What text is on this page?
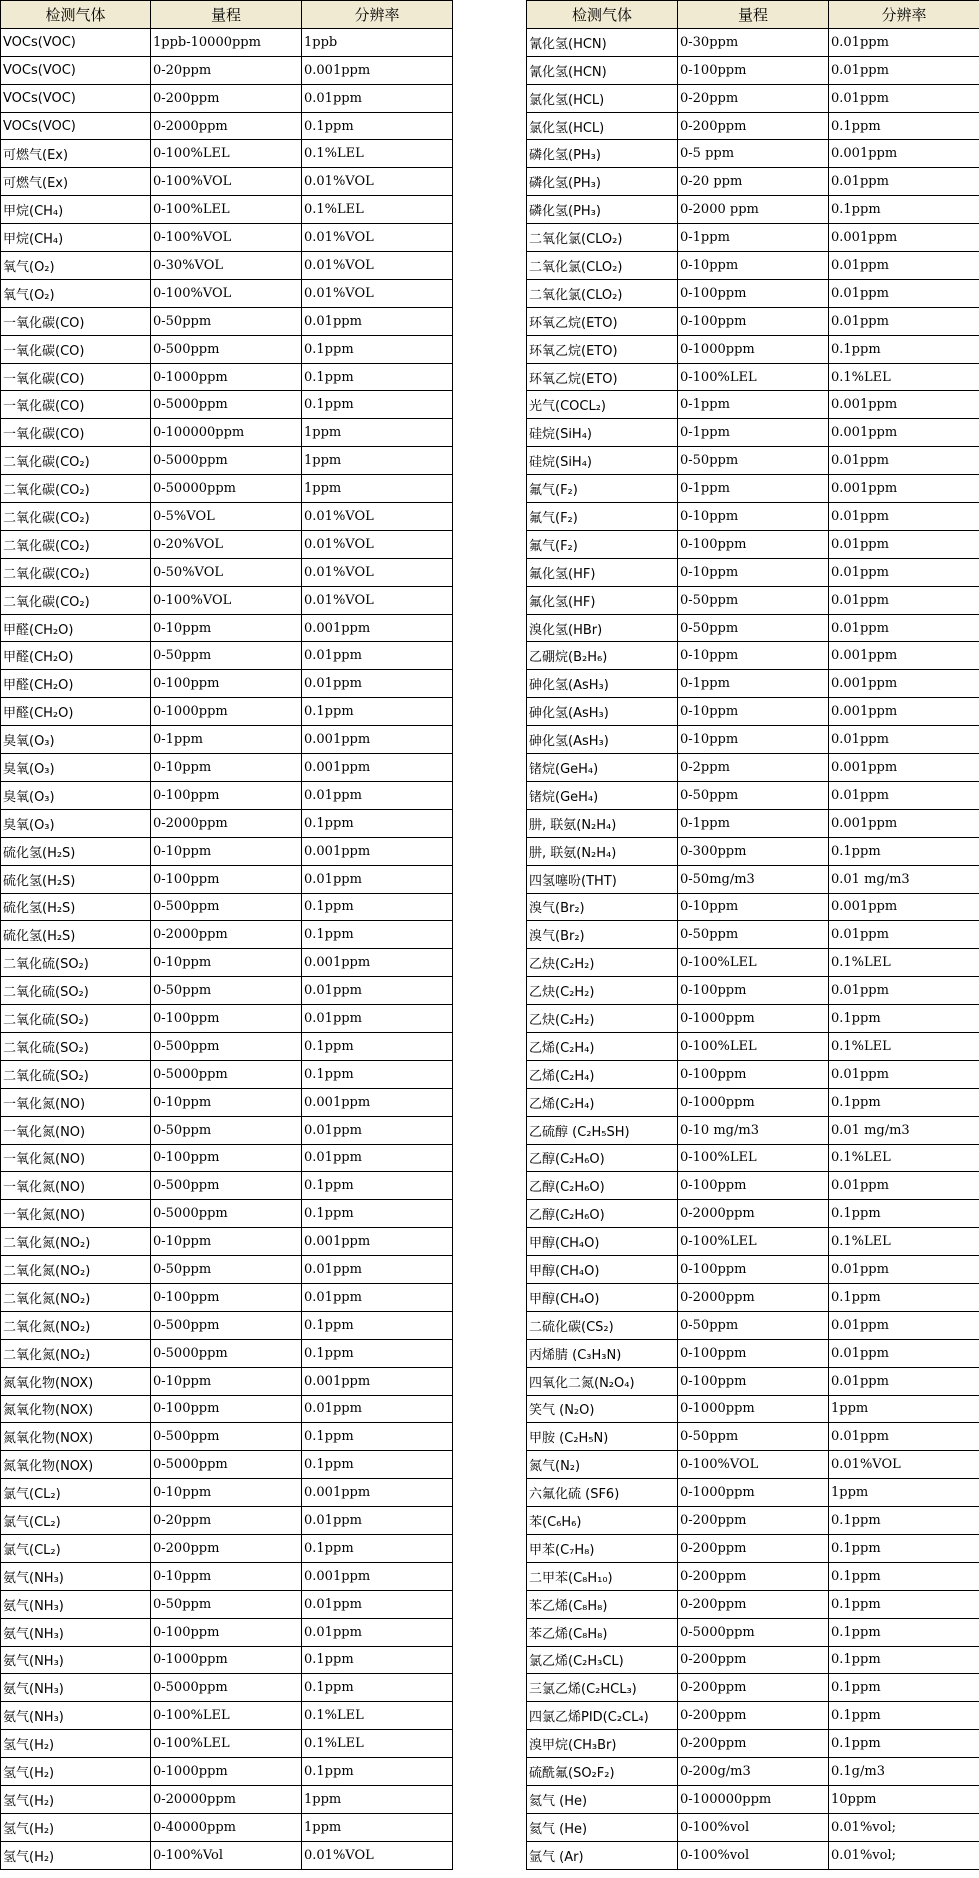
检测气体	量程	分辨率
VOCs(VOC)	1ppb-10000ppm	1ppb
VOCs(VOC)	0-20ppm	0.001ppm
VOCs(VOC)	0-200ppm	0.01ppm
VOCs(VOC)	0-2000ppm	0.1ppm
可燃气(Ex)	0-100%LEL	0.1%LEL
可燃气(Ex)	0-100%VOL	0.01%VOL
甲烷(CH₄)	0-100%LEL	0.1%LEL
甲烷(CH₄)	0-100%VOL	0.01%VOL
氧气(O₂)	0-30%VOL	0.01%VOL
氧气(O₂)	0-100%VOL	0.01%VOL
一氧化碳(CO)	0-50ppm	0.01ppm
一氧化碳(CO)	0-500ppm	0.1ppm
一氧化碳(CO)	0-1000ppm	0.1ppm
一氧化碳(CO)	0-5000ppm	0.1ppm
一氧化碳(CO)	0-100000ppm	1ppm
二氧化碳(CO₂)	0-5000ppm	1ppm
二氧化碳(CO₂)	0-50000ppm	1ppm
二氧化碳(CO₂)	0-5%VOL	0.01%VOL
二氧化碳(CO₂)	0-20%VOL	0.01%VOL
二氧化碳(CO₂)	0-50%VOL	0.01%VOL
二氧化碳(CO₂)	0-100%VOL	0.01%VOL
甲醛(CH₂O)	0-10ppm	0.001ppm
甲醛(CH₂O)	0-50ppm	0.01ppm
甲醛(CH₂O)	0-100ppm	0.01ppm
甲醛(CH₂O)	0-1000ppm	0.1ppm
臭氧(O₃)	0-1ppm	0.001ppm
臭氧(O₃)	0-10ppm	0.001ppm
臭氧(O₃)	0-100ppm	0.01ppm
臭氧(O₃)	0-2000ppm	0.1ppm
硫化氢(H₂S)	0-10ppm	0.001ppm
硫化氢(H₂S)	0-100ppm	0.01ppm
硫化氢(H₂S)	0-500ppm	0.1ppm
硫化氢(H₂S)	0-2000ppm	0.1ppm
二氧化硫(SO₂)	0-10ppm	0.001ppm
二氧化硫(SO₂)	0-50ppm	0.01ppm
二氧化硫(SO₂)	0-100ppm	0.01ppm
二氧化硫(SO₂)	0-500ppm	0.1ppm
二氧化硫(SO₂)	0-5000ppm	0.1ppm
一氧化氮(NO)	0-10ppm	0.001ppm
一氧化氮(NO)	0-50ppm	0.01ppm
一氧化氮(NO)	0-100ppm	0.01ppm
一氧化氮(NO)	0-500ppm	0.1ppm
一氧化氮(NO)	0-5000ppm	0.1ppm
二氧化氮(NO₂)	0-10ppm	0.001ppm
二氧化氮(NO₂)	0-50ppm	0.01ppm
二氧化氮(NO₂)	0-100ppm	0.01ppm
二氧化氮(NO₂)	0-500ppm	0.1ppm
二氧化氮(NO₂)	0-5000ppm	0.1ppm
氮氧化物(NOX)	0-10ppm	0.001ppm
氮氧化物(NOX)	0-100ppm	0.01ppm
氮氧化物(NOX)	0-500ppm	0.1ppm
氮氧化物(NOX)	0-5000ppm	0.1ppm
氯气(CL₂)	0-10ppm	0.001ppm
氯气(CL₂)	0-20ppm	0.01ppm
氯气(CL₂)	0-200ppm	0.1ppm
氨气(NH₃)	0-10ppm	0.001ppm
氨气(NH₃)	0-50ppm	0.01ppm
氨气(NH₃)	0-100ppm	0.01ppm
氨气(NH₃)	0-1000ppm	0.1ppm
氨气(NH₃)	0-5000ppm	0.1ppm
氨气(NH₃)	0-100%LEL	0.1%LEL
氢气(H₂)	0-100%LEL	0.1%LEL
氢气(H₂)	0-1000ppm	0.1ppm
氢气(H₂)	0-20000ppm	1ppm
氢气(H₂)	0-40000ppm	1ppm
氢气(H₂)	0-100%Vol	0.01%VOL
检测气体	量程	分辨率
氰化氢(HCN)	0-30ppm	0.01ppm
氰化氢(HCN)	0-100ppm	0.01ppm
氯化氢(HCL)	0-20ppm	0.01ppm
氯化氢(HCL)	0-200ppm	0.1ppm
磷化氢(PH₃)	0-5 ppm	0.001ppm
磷化氢(PH₃)	0-20 ppm	0.01ppm
磷化氢(PH₃)	0-2000 ppm	0.1ppm
二氧化氯(CLO₂)	0-1ppm	0.001ppm
二氧化氯(CLO₂)	0-10ppm	0.01ppm
二氧化氯(CLO₂)	0-100ppm	0.01ppm
环氧乙烷(ETO)	0-100ppm	0.01ppm
环氧乙烷(ETO)	0-1000ppm	0.1ppm
环氧乙烷(ETO)	0-100%LEL	0.1%LEL
光气(COCL₂)	0-1ppm	0.001ppm
硅烷(SiH₄)	0-1ppm	0.001ppm
硅烷(SiH₄)	0-50ppm	0.01ppm
氟气(F₂)	0-1ppm	0.001ppm
氟气(F₂)	0-10ppm	0.01ppm
氟气(F₂)	0-100ppm	0.01ppm
氟化氢(HF)	0-10ppm	0.01ppm
氟化氢(HF)	0-50ppm	0.01ppm
溴化氢(HBr)	0-50ppm	0.01ppm
乙硼烷(B₂H₆)	0-10ppm	0.001ppm
砷化氢(AsH₃)	0-1ppm	0.001ppm
砷化氢(AsH₃)	0-10ppm	0.001ppm
砷化氢(AsH₃)	0-10ppm	0.01ppm
锗烷(GeH₄)	0-2ppm	0.001ppm
锗烷(GeH₄)	0-50ppm	0.01ppm
肼, 联氨(N₂H₄)	0-1ppm	0.001ppm
肼, 联氨(N₂H₄)	0-300ppm	0.1ppm
四氢噻吩(THT)	0-50mg/m3	0.01 mg/m3
溴气(Br₂)	0-10ppm	0.001ppm
溴气(Br₂)	0-50ppm	0.01ppm
乙炔(C₂H₂)	0-100%LEL	0.1%LEL
乙炔(C₂H₂)	0-100ppm	0.01ppm
乙炔(C₂H₂)	0-1000ppm	0.1ppm
乙烯(C₂H₄)	0-100%LEL	0.1%LEL
乙烯(C₂H₄)	0-100ppm	0.01ppm
乙烯(C₂H₄)	0-1000ppm	0.1ppm
乙硫醇 (C₂H₅SH)	0-10 mg/m3	0.01 mg/m3
乙醇(C₂H₆O)	0-100%LEL	0.1%LEL
乙醇(C₂H₆O)	0-100ppm	0.01ppm
乙醇(C₂H₆O)	0-2000ppm	0.1ppm
甲醇(CH₄O)	0-100%LEL	0.1%LEL
甲醇(CH₄O)	0-100ppm	0.01ppm
甲醇(CH₄O)	0-2000ppm	0.1ppm
二硫化碳(CS₂)	0-50ppm	0.01ppm
丙烯腈 (C₃H₃N)	0-100ppm	0.01ppm
四氧化二氮(N₂O₄)	0-100ppm	0.01ppm
笑气 (N₂O)	0-1000ppm	1ppm
甲胺 (C₂H₅N)	0-50ppm	0.01ppm
氮气(N₂)	0-100%VOL	0.01%VOL
六氟化硫 (SF6)	0-1000ppm	1ppm
苯(C₆H₆)	0-200ppm	0.1ppm
甲苯(C₇H₈)	0-200ppm	0.1ppm
二甲苯(C₈H₁₀)	0-200ppm	0.1ppm
苯乙烯(C₈H₈)	0-200ppm	0.1ppm
苯乙烯(C₈H₈)	0-5000ppm	0.1ppm
氯乙烯(C₂H₃CL)	0-200ppm	0.1ppm
三氯乙烯(C₂HCL₃)	0-200ppm	0.1ppm
四氯乙烯PID(C₂CL₄)	0-200ppm	0.1ppm
溴甲烷(CH₃Br)	0-200ppm	0.1ppm
硫酰氟(SO₂F₂)	0-200g/m3	0.1g/m3
氦气 (He)	0-100000ppm	10ppm
氦气 (He)	0-100%vol	0.01%vol;
氩气 (Ar)	0-100%vol	0.01%vol;
